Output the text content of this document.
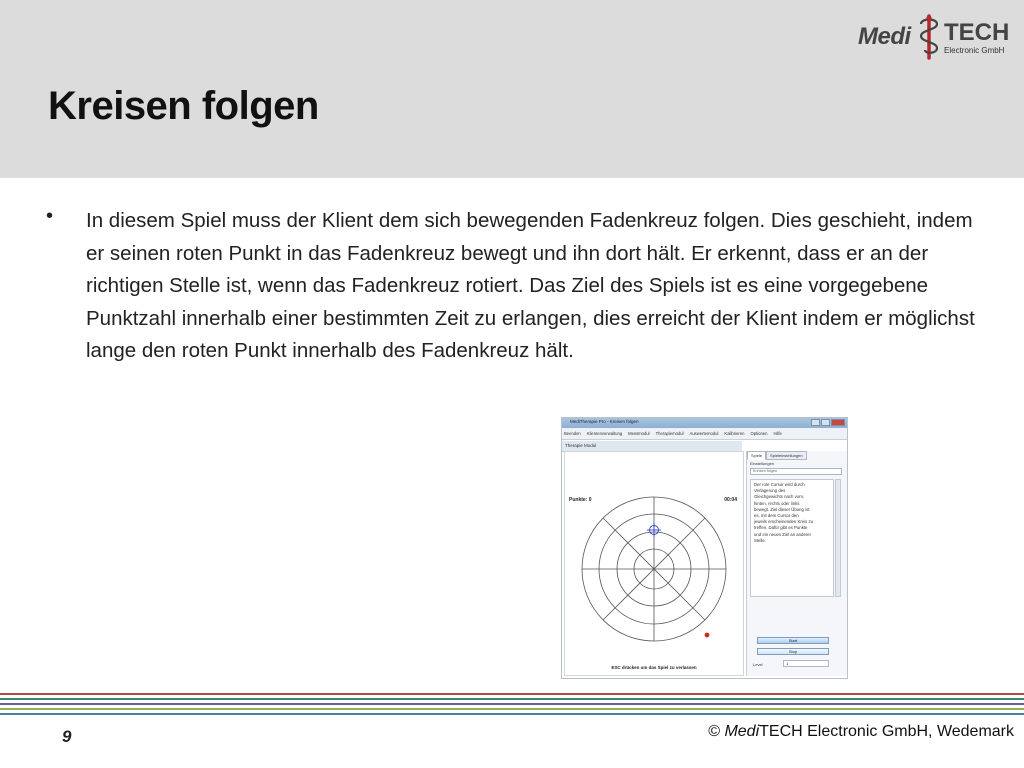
Kreisen folgen
Medi TECH
Electronic GmbH
• In diesem Spiel muss der Klient dem sich bewegenden Fadenkreuz folgen. Dies geschieht, indem er seinen roten Punkt in das Fadenkreuz bewegt und ihn dort hält. Er erkennt, dass er an der richtigen Stelle ist, wenn das Fadenkreuz rotiert. Das Ziel des Spiels ist es eine vorgegebene Punktzahl innerhalb einer bestimmten Zeit zu erlangen, dies erreicht der Klient indem er möglichst lange den roten Punkt innerhalb des Fadenkreuz hält.

MediTherapie Pro - Kreisen folgen
Beenden Klientenverwaltung Messmodul Therapiemodul Auswertemodul Kalibrieren Optionen Hilfe
Therapie Modul
Punkte: 0	00:04
ESC drücken um das Spiel zu verlassen
Spiele	Spieleinstellungen
Einstellungen
Kreisen folgen
Der rote Cursor wird durch
Verlagerung des
Gleichgewichts nach vorn,
hinten, rechts oder links
bewegt. Ziel dieser Übung ist
es, mit dem Cursor den
jeweils erscheinenden Kreis zu
treffen. Dafür gibt es Punkte
und ein neues Ziel an anderer
Stelle.
Start
Stop
Level	1
9	© MediTECH Electronic GmbH, Wedemark
